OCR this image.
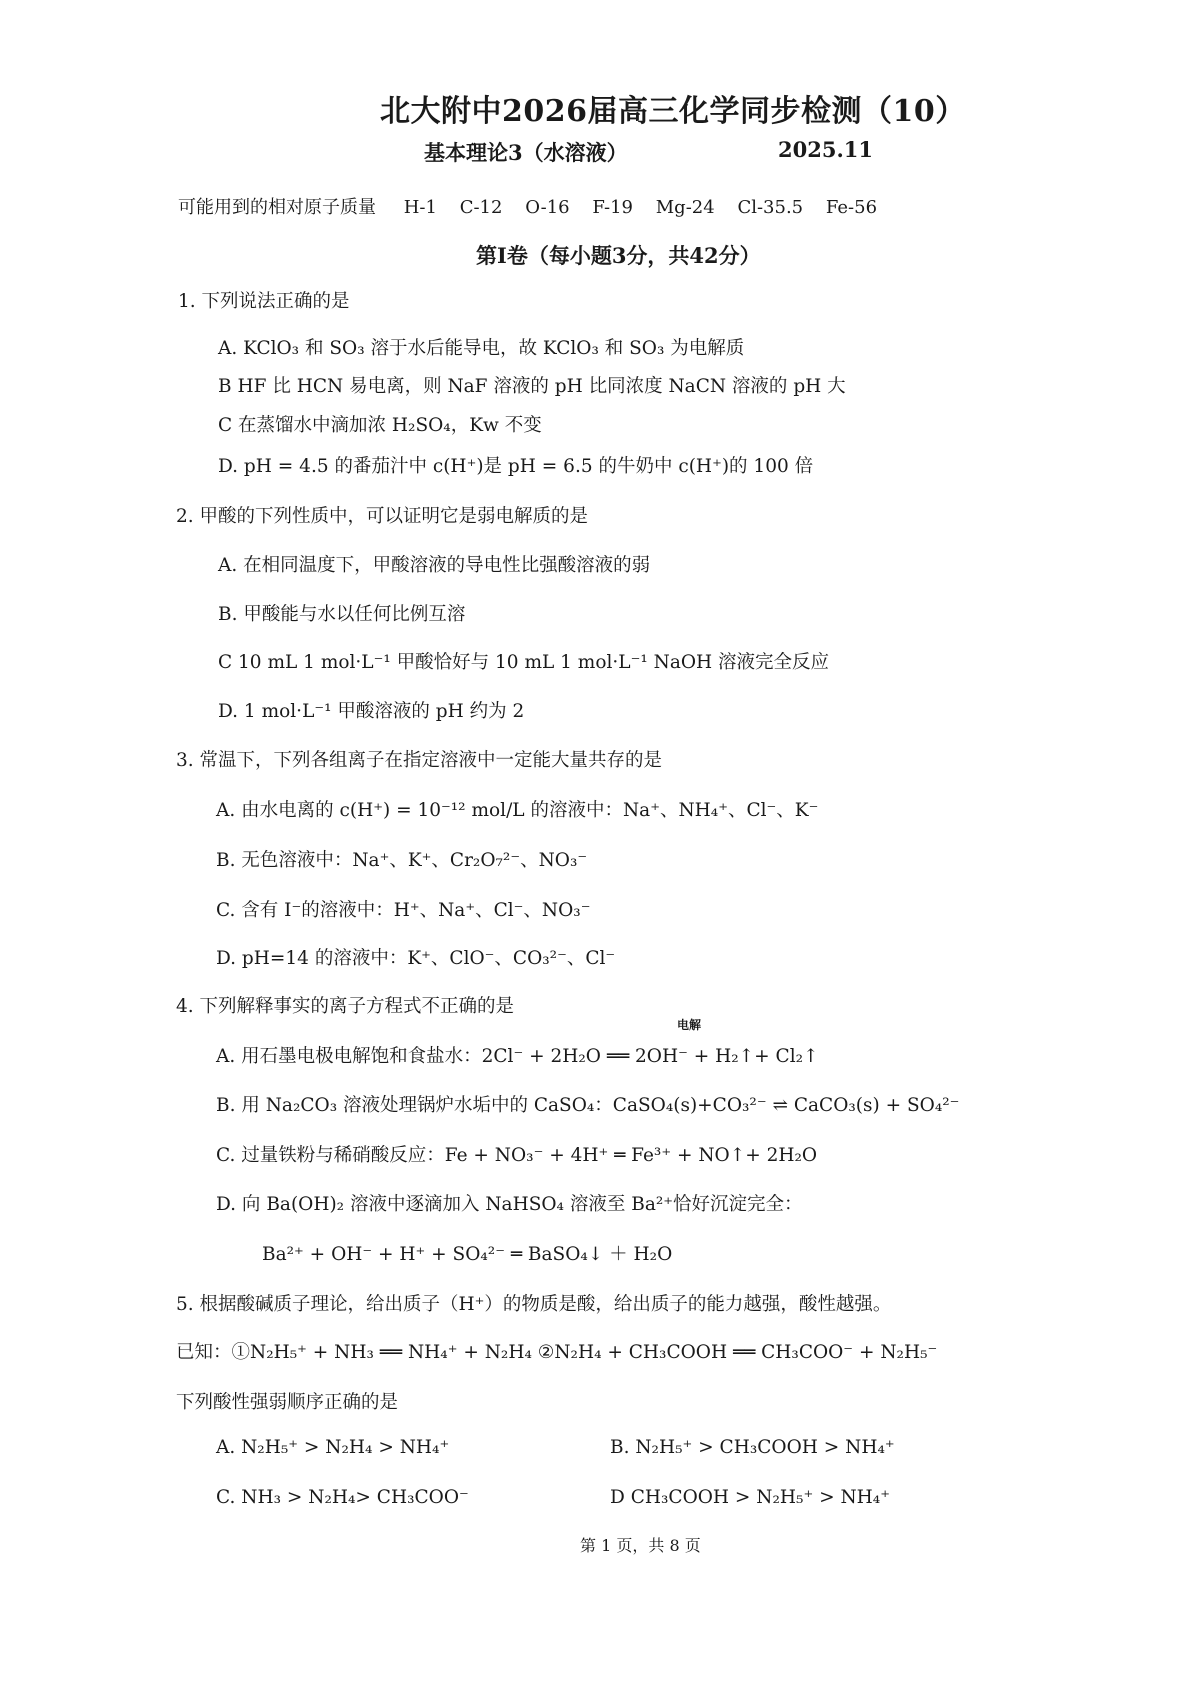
北大附中2026届高三化学同步检测（10）
基本理论3（水溶液）	2025.11
可能用到的相对原子质量 H-1 C-12 O-16 F-19 Mg-24 Cl-35.5 Fe-56
第I卷（每小题3分，共42分）
1. 下列说法正确的是
A. KClO₃ 和 SO₃ 溶于水后能导电，故 KClO₃ 和 SO₃ 为电解质
B HF 比 HCN 易电离，则 NaF 溶液的 pH 比同浓度 NaCN 溶液的 pH 大
C 在蒸馏水中滴加浓 H₂SO₄，Kw 不变
D. pH = 4.5 的番茄汁中 c(H⁺)是 pH = 6.5 的牛奶中 c(H⁺)的 100 倍
2. 甲酸的下列性质中，可以证明它是弱电解质的是
A. 在相同温度下，甲酸溶液的导电性比强酸溶液的弱
B. 甲酸能与水以任何比例互溶
C 10 mL 1 mol·L⁻¹ 甲酸恰好与 10 mL 1 mol·L⁻¹ NaOH 溶液完全反应
D. 1 mol·L⁻¹ 甲酸溶液的 pH 约为 2
3. 常温下，下列各组离子在指定溶液中一定能大量共存的是
A. 由水电离的 c(H⁺) = 10⁻¹² mol/L 的溶液中：Na⁺、NH₄⁺、Cl⁻、K⁻
B. 无色溶液中：Na⁺、K⁺、Cr₂O₇²⁻、NO₃⁻
C. 含有 I⁻的溶液中：H⁺、Na⁺、Cl⁻、NO₃⁻
D. pH=14 的溶液中：K⁺、ClO⁻、CO₃²⁻、Cl⁻
4. 下列解释事实的离子方程式不正确的是
电解
A. 用石墨电极电解饱和食盐水：2Cl⁻ + 2H₂O ══ 2OH⁻ + H₂↑+ Cl₂↑
B. 用 Na₂CO₃ 溶液处理锅炉水垢中的 CaSO₄：CaSO₄(s)+CO₃²⁻ ⇌ CaCO₃(s) + SO₄²⁻
C. 过量铁粉与稀硝酸反应：Fe + NO₃⁻ + 4H⁺ ═ Fe³⁺ + NO↑+ 2H₂O
D. 向 Ba(OH)₂ 溶液中逐滴加入 NaHSO₄ 溶液至 Ba²⁺恰好沉淀完全：
Ba²⁺ + OH⁻ + H⁺ + SO₄²⁻ ═ BaSO₄↓ ＋ H₂O
5. 根据酸碱质子理论，给出质子（H⁺）的物质是酸，给出质子的能力越强，酸性越强。
已知：①N₂H₅⁺ + NH₃ ══ NH₄⁺ + N₂H₄ ②N₂H₄ + CH₃COOH ══ CH₃COO⁻ + N₂H₅⁻
下列酸性强弱顺序正确的是
A. N₂H₅⁺ > N₂H₄ > NH₄⁺	B. N₂H₅⁺ > CH₃COOH > NH₄⁺
C. NH₃ > N₂H₄> CH₃COO⁻	D CH₃COOH > N₂H₅⁺ > NH₄⁺
第 1 页，共 8 页
